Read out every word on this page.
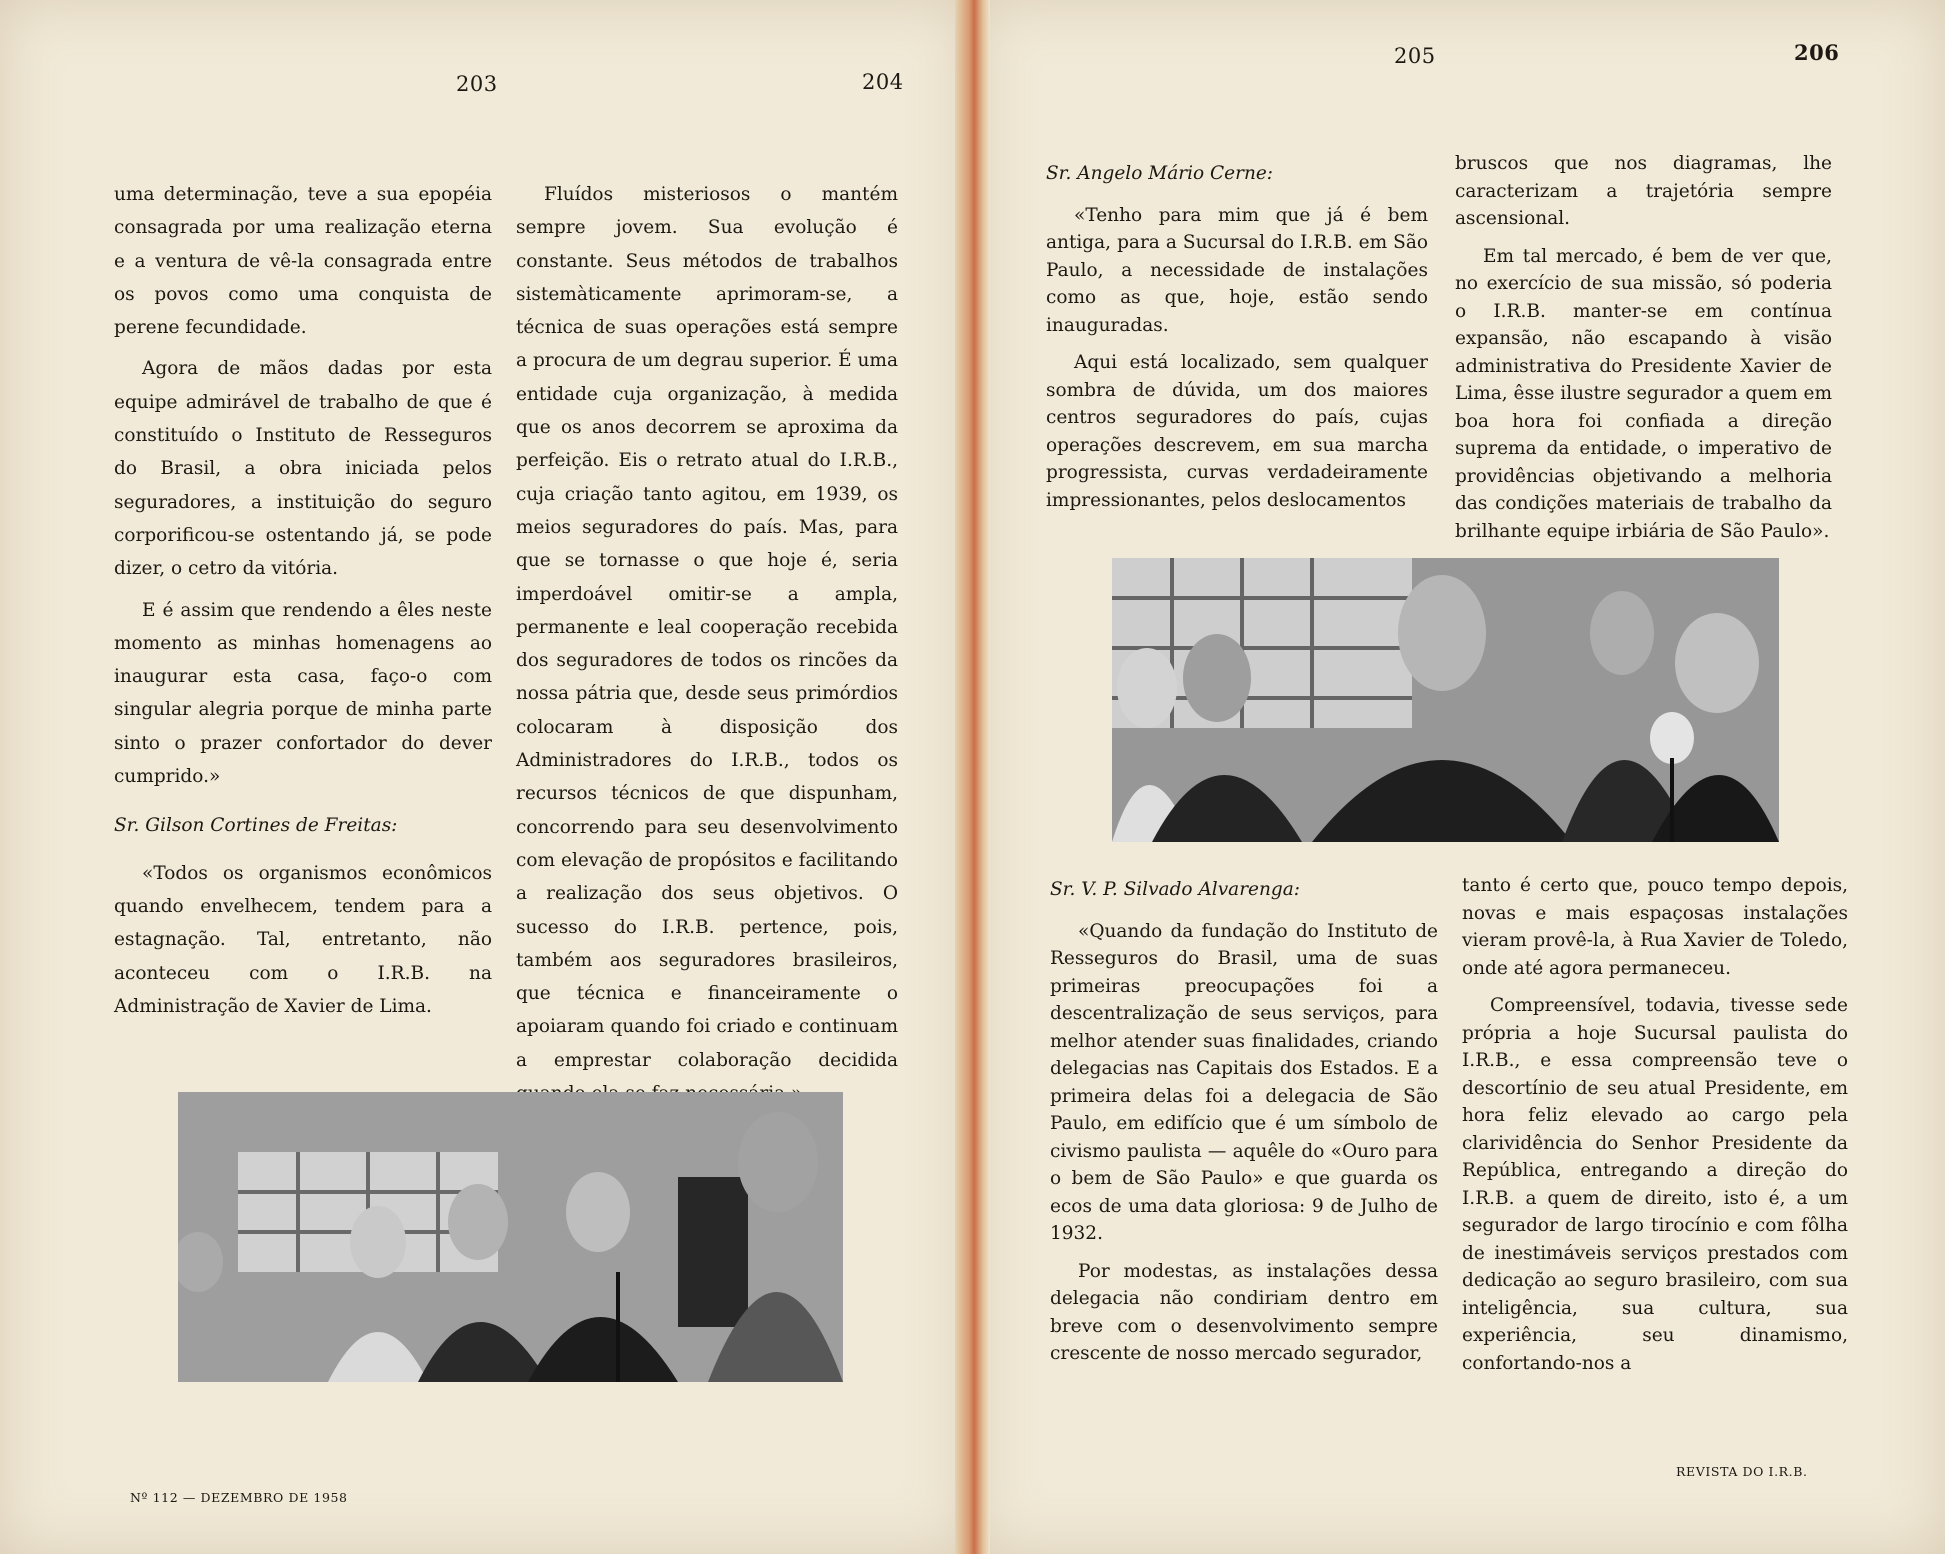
203	204
205	206

uma determinação, teve a sua epopéia consagrada por uma realização eterna e a ventura de vê-la consagrada entre os povos como uma conquista de perene fecundidade.

Agora de mãos dadas por esta equipe admirável de trabalho de que é constituído o Instituto de Resseguros do Brasil, a obra iniciada pelos seguradores, a instituição do seguro corporificou-se ostentando já, se pode dizer, o cetro da vitória.

E é assim que rendendo a êles neste momento as minhas homenagens ao inaugurar esta casa, faço-o com singular alegria porque de minha parte sinto o prazer confortador do dever cumprido.»

Sr. Gilson Cortines de Freitas:

«Todos os organismos econômicos quando envelhecem, tendem para a estagnação. Tal, entretanto, não aconteceu com o I.R.B. na Administração de Xavier de Lima.

Fluídos misteriosos o mantém sempre jovem. Sua evolução é constante. Seus métodos de trabalhos sistemàticamente aprimoram-se, a técnica de suas operações está sempre a procura de um degrau superior. É uma entidade cuja organização, à medida que os anos decorrem se aproxima da perfeição. Eis o retrato atual do I.R.B., cuja criação tanto agitou, em 1939, os meios seguradores do país. Mas, para que se tornasse o que hoje é, seria imperdoável omitir-se a ampla, permanente e leal cooperação recebida dos seguradores de todos os rincões da nossa pátria que, desde seus primórdios colocaram à disposição dos Administradores do I.R.B., todos os recursos técnicos de que dispunham, concorrendo para seu desenvolvimento com elevação de propósitos e facilitando a realização dos seus objetivos. O sucesso do I.R.B. pertence, pois, também aos seguradores brasileiros, que técnica e financeiramente o apoiaram quando foi criado e continuam a emprestar colaboração decidida

Sr. Angelo Mário Cerne:

«Tenho para mim que já é bem antiga, para a Sucursal do I.R.B. em São Paulo, a necessidade de instalações como as que, hoje, estão sendo inauguradas.

Aqui está localizado, sem qualquer sombra de dúvida, um dos maiores centros seguradores do país, cujas operações descrevem, em sua marcha progressista, curvas verdadeiramente impressionantes, pelos deslocamentos

bruscos que nos diagramas, lhe caracterizam a trajetória sempre ascensional.

Em tal mercado, é bem de ver que, no exercício de sua missão, só poderia o I.R.B. manter-se em contínua expansão, não escapando à visão administrativa do Presidente Xavier de Lima, êsse ilustre segurador a quem em boa hora foi confiada a direção suprema da entidade, o imperativo de providências objetivando a melhoria das condições materiais de trabalho da brilhante equipe irbiária de São Paulo».

Sr. V. P. Silvado Alvarenga:

«Quando da fundação do Instituto de Resseguros do Brasil, uma de suas primeiras preocupações foi a descentralização de seus serviços, para melhor atender suas finalidades, criando delegacias nas Capitais dos Estados. E a primeira delas foi a delegacia de São Paulo, em edifício que é um símbolo de civismo paulista — aquêle do «Ouro para o bem de São Paulo» e que guarda os ecos de uma data gloriosa: 9 de Julho de 1932.

Por modestas, as instalações dessa delegacia não condiriam dentro em breve com o desenvolvimento sempre crescente de nosso mercado segurador,

tanto é certo que, pouco tempo depois, novas e mais espaçosas instalações vieram provê-la, à Rua Xavier de Toledo, onde até agora permaneceu.

Compreensível, todavia, tivesse sede própria a hoje Sucursal paulista do I.R.B., e essa compreensão teve o descortínio de seu atual Presidente, em hora feliz elevado ao cargo pela clarividência do Senhor Presidente da República, entregando a direção do I.R.B. a quem de direito, isto é, a um segurador de largo tirocínio e com fôlha de inestimáveis serviços prestados com dedicação ao seguro brasileiro, com sua inteligência, sua cultura, sua experiência, seu dinamismo, confortando-nos a

Nº 112 — DEZEMBRO DE 1958
REVISTA DO I.R.B.
